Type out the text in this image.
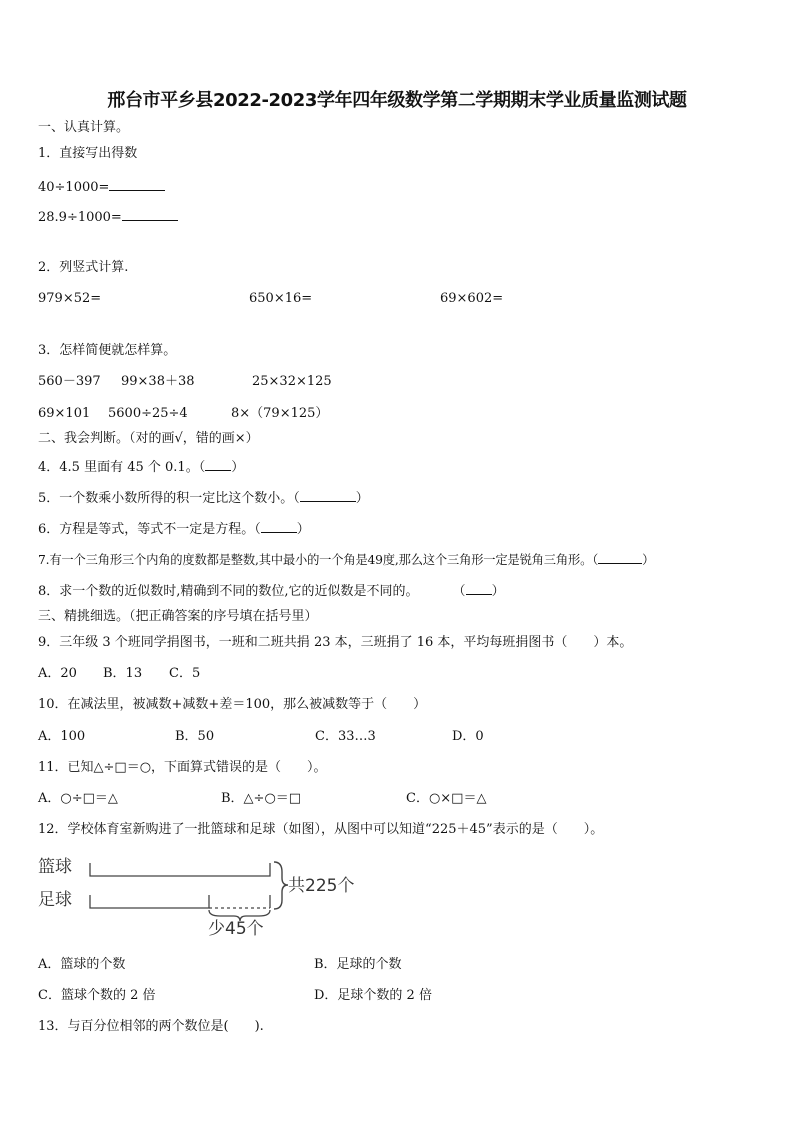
邢台市平乡县2022-2023学年四年级数学第二学期期末学业质量监测试题
一、认真计算。
1．直接写出得数
40÷1000=
28.9÷1000=
2．列竖式计算.
979×52=	650×16=	69×602=
3．怎样简便就怎样算。
560－397 99×38＋38	25×32×125
69×101 5600÷25÷4	8×（79×125）
二、我会判断。（对的画√，错的画×）
4．4.5 里面有 45 个 0.1。（ ）
5．一个数乘小数所得的积一定比这个数小。（	）
6．方程是等式，等式不一定是方程。（	）
7.有一个三角形三个内角的度数都是整数,其中最小的一个角是49度,那么这个三角形一定是锐角三角形。（	）
8．求一个数的近似数时,精确到不同的数位,它的近似数是不同的。	（ ）
三、精挑细选。（把正确答案的序号填在括号里）
9．三年级 3 个班同学捐图书，一班和二班共捐 23 本，三班捐了 16 本，平均每班捐图书（　　）本。
A．20 B．13 C．5
10．在减法里，被减数+减数+差＝100，那么被减数等于（　　）
A．100	B．50	C．33…3	D．0
11．已知△÷□＝○，下面算式错误的是（　　）。
A．○÷□＝△	B．△÷○＝□	C．○×□＝△
12．学校体育室新购进了一批篮球和足球（如图），从图中可以知道“225＋45”表示的是（　　）。
篮球
足球
共225个
少45个
A．篮球的个数	B．足球的个数
C．篮球个数的 2 倍	D．足球个数的 2 倍
13．与百分位相邻的两个数位是(　　).
